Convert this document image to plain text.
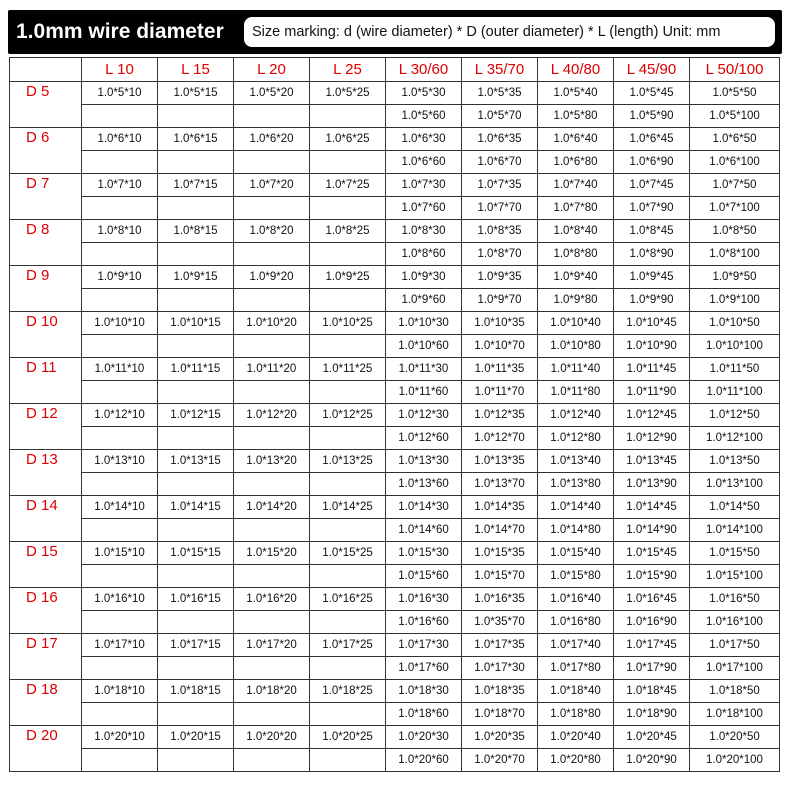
1.0mm wire diameter	Size marking: d (wire diameter) * D (outer diameter) * L (length) Unit: mm
	L 10	L 15	L 20	L 25	L 30/60	L 35/70	L 40/80	L 45/90	L 50/100
D 5	1.0*5*10	1.0*5*15	1.0*5*20	1.0*5*25	1.0*5*30	1.0*5*35	1.0*5*40	1.0*5*45	1.0*5*50
					1.0*5*60	1.0*5*70	1.0*5*80	1.0*5*90	1.0*5*100
D 6	1.0*6*10	1.0*6*15	1.0*6*20	1.0*6*25	1.0*6*30	1.0*6*35	1.0*6*40	1.0*6*45	1.0*6*50
					1.0*6*60	1.0*6*70	1.0*6*80	1.0*6*90	1.0*6*100
D 7	1.0*7*10	1.0*7*15	1.0*7*20	1.0*7*25	1.0*7*30	1.0*7*35	1.0*7*40	1.0*7*45	1.0*7*50
					1.0*7*60	1.0*7*70	1.0*7*80	1.0*7*90	1.0*7*100
D 8	1.0*8*10	1.0*8*15	1.0*8*20	1.0*8*25	1.0*8*30	1.0*8*35	1.0*8*40	1.0*8*45	1.0*8*50
					1.0*8*60	1.0*8*70	1.0*8*80	1.0*8*90	1.0*8*100
D 9	1.0*9*10	1.0*9*15	1.0*9*20	1.0*9*25	1.0*9*30	1.0*9*35	1.0*9*40	1.0*9*45	1.0*9*50
					1.0*9*60	1.0*9*70	1.0*9*80	1.0*9*90	1.0*9*100
D 10	1.0*10*10	1.0*10*15	1.0*10*20	1.0*10*25	1.0*10*30	1.0*10*35	1.0*10*40	1.0*10*45	1.0*10*50
					1.0*10*60	1.0*10*70	1.0*10*80	1.0*10*90	1.0*10*100
D 11	1.0*11*10	1.0*11*15	1.0*11*20	1.0*11*25	1.0*11*30	1.0*11*35	1.0*11*40	1.0*11*45	1.0*11*50
					1.0*11*60	1.0*11*70	1.0*11*80	1.0*11*90	1.0*11*100
D 12	1.0*12*10	1.0*12*15	1.0*12*20	1.0*12*25	1.0*12*30	1.0*12*35	1.0*12*40	1.0*12*45	1.0*12*50
					1.0*12*60	1.0*12*70	1.0*12*80	1.0*12*90	1.0*12*100
D 13	1.0*13*10	1.0*13*15	1.0*13*20	1.0*13*25	1.0*13*30	1.0*13*35	1.0*13*40	1.0*13*45	1.0*13*50
					1.0*13*60	1.0*13*70	1.0*13*80	1.0*13*90	1.0*13*100
D 14	1.0*14*10	1.0*14*15	1.0*14*20	1.0*14*25	1.0*14*30	1.0*14*35	1.0*14*40	1.0*14*45	1.0*14*50
					1.0*14*60	1.0*14*70	1.0*14*80	1.0*14*90	1.0*14*100
D 15	1.0*15*10	1.0*15*15	1.0*15*20	1.0*15*25	1.0*15*30	1.0*15*35	1.0*15*40	1.0*15*45	1.0*15*50
					1.0*15*60	1.0*15*70	1.0*15*80	1.0*15*90	1.0*15*100
D 16	1.0*16*10	1.0*16*15	1.0*16*20	1.0*16*25	1.0*16*30	1.0*16*35	1.0*16*40	1.0*16*45	1.0*16*50
					1.0*16*60	1.0*35*70	1.0*16*80	1.0*16*90	1.0*16*100
D 17	1.0*17*10	1.0*17*15	1.0*17*20	1.0*17*25	1.0*17*30	1.0*17*35	1.0*17*40	1.0*17*45	1.0*17*50
					1.0*17*60	1.0*17*30	1.0*17*80	1.0*17*90	1.0*17*100
D 18	1.0*18*10	1.0*18*15	1.0*18*20	1.0*18*25	1.0*18*30	1.0*18*35	1.0*18*40	1.0*18*45	1.0*18*50
					1.0*18*60	1.0*18*70	1.0*18*80	1.0*18*90	1.0*18*100
D 20	1.0*20*10	1.0*20*15	1.0*20*20	1.0*20*25	1.0*20*30	1.0*20*35	1.0*20*40	1.0*20*45	1.0*20*50
					1.0*20*60	1.0*20*70	1.0*20*80	1.0*20*90	1.0*20*100
